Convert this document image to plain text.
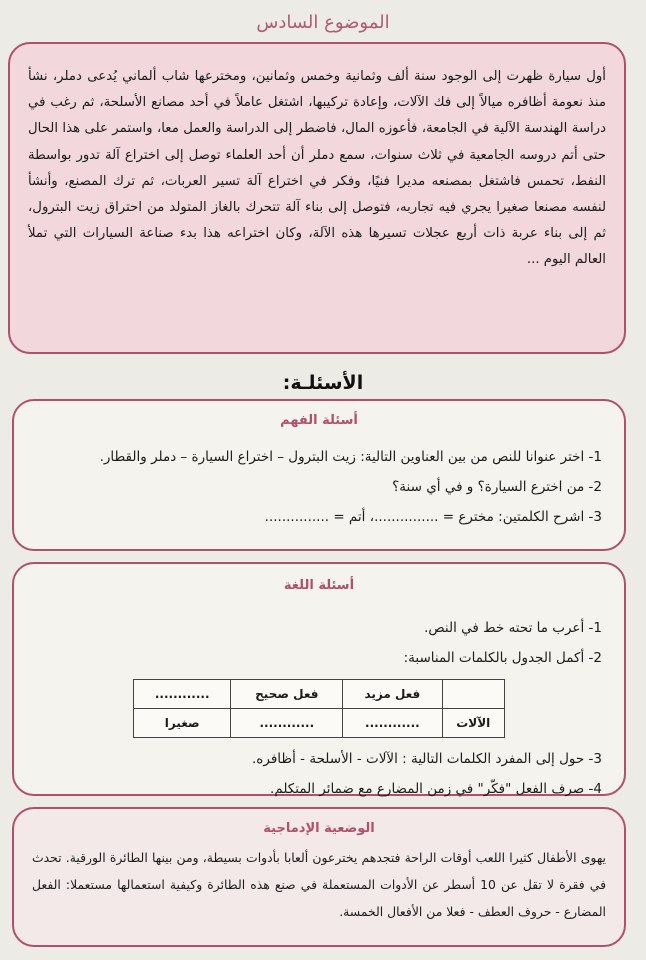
الموضوع السادس

أول سيارة ظهرت إلى الوجود سنة ألف وثمانية وخمس وثمانين، ومخترعها شاب ألماني يُدعى دملر، نشأ منذ نعومة أظافره ميالاً إلى فك الآلات، وإعادة تركيبها، اشتغل عاملاً في أحد مصانع الأسلحة، ثم رغب في دراسة الهندسة الآلية في الجامعة، فأعوزه المال، فاضطر إلى الدراسة والعمل معا، واستمر على هذا الحال حتى أتم دروسه الجامعية في ثلاث سنوات، سمع دملر أن أحد العلماء توصل إلى اختراع آلة تدور بواسطة النفط، تحمس فاشتغل بمصنعه مديرا فنيًا، وفكر في اختراع آلة تسير العربات، ثم ترك المصنع، وأنشأ لنفسه مصنعا صغيرا يجري فيه تجاربه، فتوصل إلى بناء آلة تتحرك بالغاز المتولد من احتراق زيت البترول، ثم إلى بناء عربة ذات أربع عجلات تسيرها هذه الآلة، وكان اختراعه هذا بدء صناعة السيارات التي تملأ العالم اليوم ...

الأسئلـة:
أسئلة الفهم

1- اختر عنوانا للنص من بين العناوين التالية: زيت البترول – اختراع السيارة – دملر والقطار.

2- من اخترع السيارة؟ و في أي سنة؟

3- اشرح الكلمتين: مخترع = ...............، أتم = ...............

أسئلة اللغة

1- أعرب ما تحته خط في النص.

2- أكمل الجدول بالكلمات المناسبة:

	فعل مزيد	فعل صحيح	............
الآلات	............	............	صغيرا

3- حول إلى المفرد الكلمات التالية : الآلات - الأسلحة - أظافره.

4- صرف الفعل "فكّر" في زمن المضارع مع ضمائر المتكلم.

الوضعية الإدماجية

يهوى الأطفال كثيرا اللعب أوقات الراحة فتجدهم يخترعون ألعابا بأدوات بسيطة، ومن بينها الطائرة الورقية. تحدث في فقرة لا تقل عن 10 أسطر عن الأدوات المستعملة في صنع هذه الطائرة وكيفية استعمالها مستعملا: الفعل المضارع - حروف العطف - فعلا من الأفعال الخمسة.
